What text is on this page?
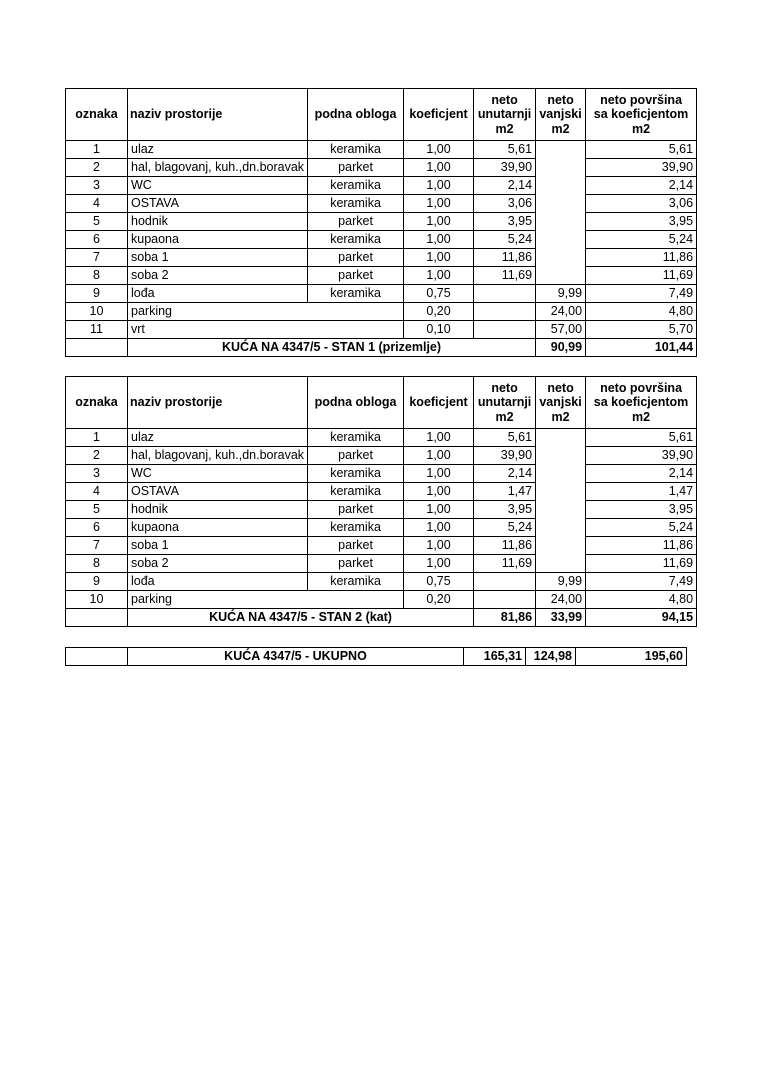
oznaka	naziv prostorije	podna obloga	koeficjent	neto
unutarnji
m2	neto
vanjski
m2	neto površina
sa koeficjentom
m2
1	ulaz	keramika	1,00	5,61		5,61
2	hal, blagovanj, kuh.,dn.boravak	parket	1,00	39,90		39,90
3	WC	keramika	1,00	2,14		2,14
4	OSTAVA	keramika	1,00	3,06		3,06
5	hodnik	parket	1,00	3,95		3,95
6	kupaona	keramika	1,00	5,24		5,24
7	soba 1	parket	1,00	11,86		11,86
8	soba 2	parket	1,00	11,69		11,69
9	lođa	keramika	0,75		9,99	7,49
10	parking		0,20		24,00	4,80
11	vrt		0,10		57,00	5,70
	KUĆA NA 4347/5 - STAN 1 (prizemlje)				90,99	101,44
oznaka	naziv prostorije	podna obloga	koeficjent	neto
unutarnji
m2	neto
vanjski
m2	neto površina
sa koeficjentom
m2
1	ulaz	keramika	1,00	5,61		5,61
2	hal, blagovanj, kuh.,dn.boravak	parket	1,00	39,90		39,90
3	WC	keramika	1,00	2,14		2,14
4	OSTAVA	keramika	1,00	1,47		1,47
5	hodnik	parket	1,00	3,95		3,95
6	kupaona	keramika	1,00	5,24		5,24
7	soba 1	parket	1,00	11,86		11,86
8	soba 2	parket	1,00	11,69		11,69
9	lođa	keramika	0,75		9,99	7,49
10	parking		0,20		24,00	4,80
	KUĆA NA 4347/5 - STAN 2 (kat)			81,86	33,99	94,15
	KUĆA 4347/5 - UKUPNO	165,31	124,98	195,60
